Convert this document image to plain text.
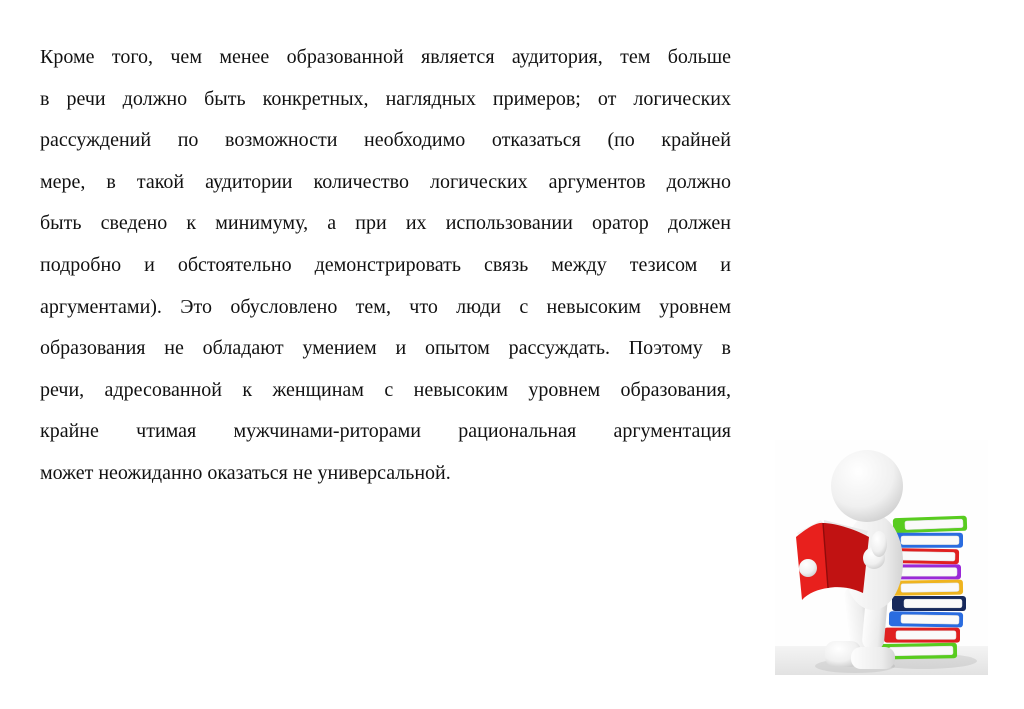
Кроме того, чем менее образованной является аудитория, тем больше
в речи должно быть конкретных, наглядных примеров; от логических
рассуждений по возможности необходимо отказаться (по крайней
мере, в такой аудитории количество логических аргументов должно
быть сведено к минимуму, а при их использовании оратор должен
подробно и обстоятельно демонстрировать связь между тезисом и
аргументами). Это обусловлено тем, что люди с невысоким уровнем
образования не обладают умением и опытом рассуждать. Поэтому в
речи, адресованной к женщинам с невысоким уровнем образования,
крайне чтимая мужчинами-риторами рациональная аргументация
может неожиданно оказаться не универсальной.
